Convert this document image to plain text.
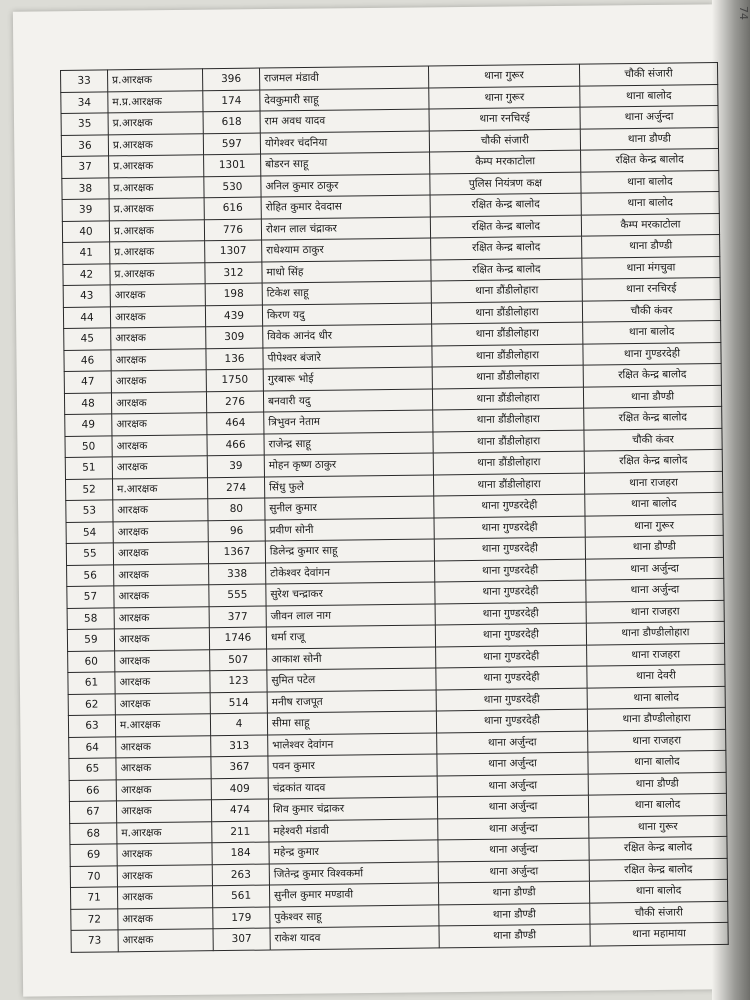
74
33	प्र.आरक्षक	396	राजमल मंडावी	थाना गुरूर	चौकी संजारी
34	म.प्र.आरक्षक	174	देवकुमारी साहू	थाना गुरूर	थाना बालोद
35	प्र.आरक्षक	618	राम अवध यादव	थाना रनचिरई	थाना अर्जुन्दा
36	प्र.आरक्षक	597	योगेश्वर चंदनिया	चौकी संजारी	थाना डौण्डी
37	प्र.आरक्षक	1301	बोडरन साहू	कैम्प मरकाटोला	रक्षित केन्द्र बालोद
38	प्र.आरक्षक	530	अनिल कुमार ठाकुर	पुलिस नियंत्रण कक्ष	थाना बालोद
39	प्र.आरक्षक	616	रोहित कुमार देवदास	रक्षित केन्द्र बालोद	थाना बालोद
40	प्र.आरक्षक	776	रोशन लाल चंद्राकर	रक्षित केन्द्र बालोद	कैम्प मरकाटोला
41	प्र.आरक्षक	1307	राधेश्याम ठाकुर	रक्षित केन्द्र बालोद	थाना डौण्डी
42	प्र.आरक्षक	312	माधो सिंह	रक्षित केन्द्र बालोद	थाना मंगचुवा
43	आरक्षक	198	टिकेश साहू	थाना डौंडीलोहारा	थाना रनचिरई
44	आरक्षक	439	किरण यदु	थाना डौंडीलोहारा	चौकी कंवर
45	आरक्षक	309	विवेक आनंद धीर	थाना डौंडीलोहारा	थाना बालोद
46	आरक्षक	136	पीपेश्वर बंजारे	थाना डौंडीलोहारा	थाना गुण्डरदेही
47	आरक्षक	1750	गुरबारू भोई	थाना डौंडीलोहारा	रक्षित केन्द्र बालोद
48	आरक्षक	276	बनवारी यदु	थाना डौंडीलोहारा	थाना डौण्डी
49	आरक्षक	464	त्रिभुवन नेताम	थाना डौंडीलोहारा	रक्षित केन्द्र बालोद
50	आरक्षक	466	राजेन्द्र साहू	थाना डौंडीलोहारा	चौकी कंवर
51	आरक्षक	39	मोहन कृष्ण ठाकुर	थाना डौंडीलोहारा	रक्षित केन्द्र बालोद
52	म.आरक्षक	274	सिंधु फुले	थाना डौंडीलोहारा	थाना राजहरा
53	आरक्षक	80	सुनील कुमार	थाना गुण्डरदेही	थाना बालोद
54	आरक्षक	96	प्रवीण सोनी	थाना गुण्डरदेही	थाना गुरूर
55	आरक्षक	1367	डिलेन्द्र कुमार साहू	थाना गुण्डरदेही	थाना डौण्डी
56	आरक्षक	338	टोकेश्वर देवांगन	थाना गुण्डरदेही	थाना अर्जुन्दा
57	आरक्षक	555	सुरेश चन्द्राकर	थाना गुण्डरदेही	थाना अर्जुन्दा
58	आरक्षक	377	जीवन लाल नाग	थाना गुण्डरदेही	थाना राजहरा
59	आरक्षक	1746	धर्मा राजू	थाना गुण्डरदेही	थाना डौण्डीलोहारा
60	आरक्षक	507	आकाश सोनी	थाना गुण्डरदेही	थाना राजहरा
61	आरक्षक	123	सुमित पटेल	थाना गुण्डरदेही	थाना देवरी
62	आरक्षक	514	मनीष राजपूत	थाना गुण्डरदेही	थाना बालोद
63	म.आरक्षक	4	सीमा साहू	थाना गुण्डरदेही	थाना डौण्डीलोहारा
64	आरक्षक	313	भालेश्वर देवांगन	थाना अर्जुन्दा	थाना राजहरा
65	आरक्षक	367	पवन कुमार	थाना अर्जुन्दा	थाना बालोद
66	आरक्षक	409	चंद्रकांत यादव	थाना अर्जुन्दा	थाना डौण्डी
67	आरक्षक	474	शिव कुमार चंद्राकर	थाना अर्जुन्दा	थाना बालोद
68	म.आरक्षक	211	महेश्वरी मंडावी	थाना अर्जुन्दा	थाना गुरूर
69	आरक्षक	184	महेन्द्र कुमार	थाना अर्जुन्दा	रक्षित केन्द्र बालोद
70	आरक्षक	263	जितेन्द्र कुमार विश्वकर्मा	थाना अर्जुन्दा	रक्षित केन्द्र बालोद
71	आरक्षक	561	सुनील कुमार मण्डावी	थाना डौण्डी	थाना बालोद
72	आरक्षक	179	पुकेश्वर साहू	थाना डौण्डी	चौकी संजारी
73	आरक्षक	307	राकेश यादव	थाना डौण्डी	थाना महामाया
